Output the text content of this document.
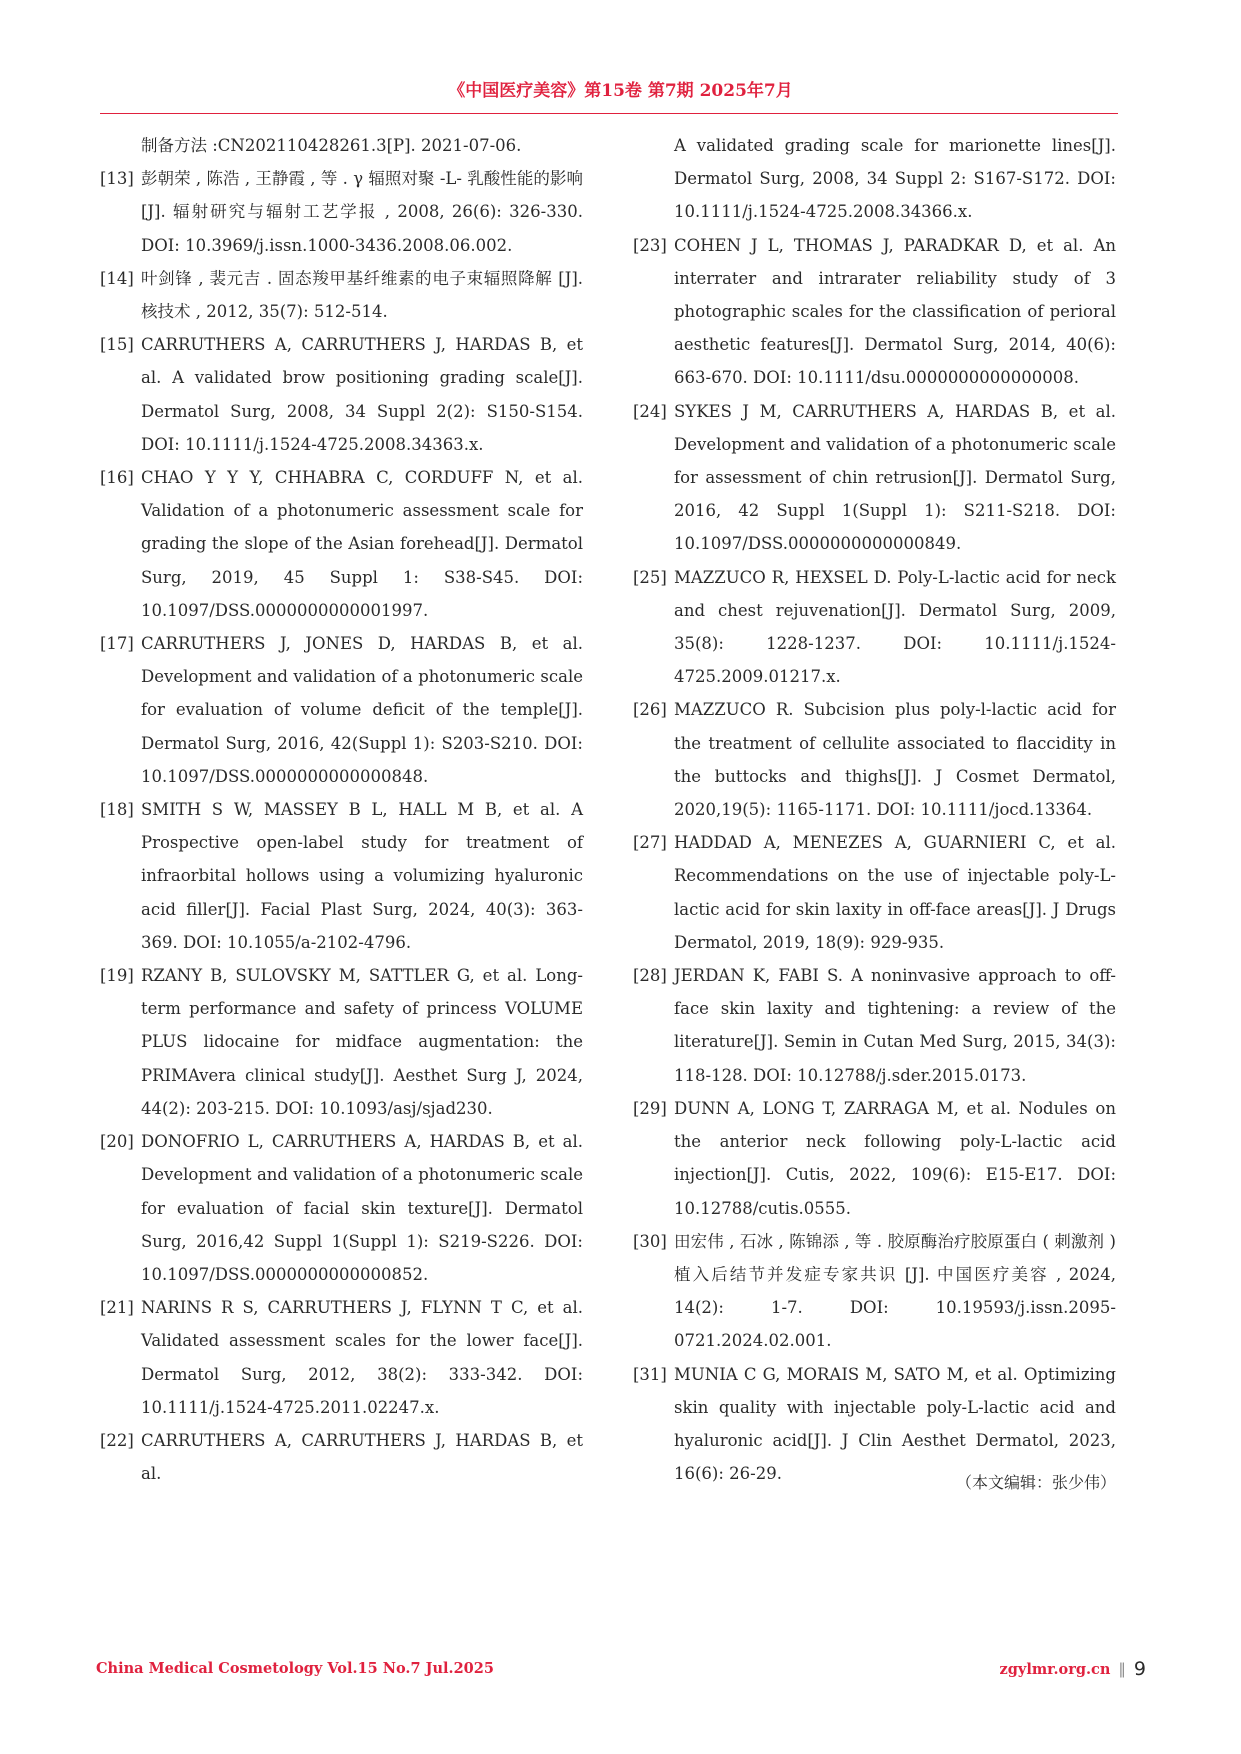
《中国医疗美容》第15卷 第7期 2025年7月
制备方法 :CN202110428261.3[P]. 2021-07-06.
[13] 彭朝荣 , 陈浩 , 王静霞 , 等 . γ 辐照对聚 -L- 乳酸性能的影响 [J]. 辐射研究与辐射工艺学报 , 2008, 26(6): 326-330. DOI: 10.3969/j.issn.1000-3436.2008.06.002.
[14] 叶剑锋 , 裴元吉 . 固态羧甲基纤维素的电子束辐照降解 [J]. 核技术 , 2012, 35(7): 512-514.
[15] CARRUTHERS A, CARRUTHERS J, HARDAS B, et al. A validated brow positioning grading scale[J]. Dermatol Surg, 2008, 34 Suppl 2(2): S150-S154. DOI: 10.1111/j.1524-4725.2008.34363.x.
[16] CHAO Y Y Y, CHHABRA C, CORDUFF N, et al. Validation of a photonumeric assessment scale for grading the slope of the Asian forehead[J]. Dermatol Surg, 2019, 45 Suppl 1: S38-S45. DOI: 10.1097/DSS.0000000000001997.
[17] CARRUTHERS J, JONES D, HARDAS B, et al. Development and validation of a photonumeric scale for evaluation of volume deficit of the temple[J]. Dermatol Surg, 2016, 42(Suppl 1): S203-S210. DOI: 10.1097/DSS.0000000000000848.
[18] SMITH S W, MASSEY B L, HALL M B, et al. A Prospective open-label study for treatment of infraorbital hollows using a volumizing hyaluronic acid filler[J]. Facial Plast Surg, 2024, 40(3): 363-369. DOI: 10.1055/a-2102-4796.
[19] RZANY B, SULOVSKY M, SATTLER G, et al. Long-term performance and safety of princess VOLUME PLUS lidocaine for midface augmentation: the PRIMAvera clinical study[J]. Aesthet Surg J, 2024, 44(2): 203-215. DOI: 10.1093/asj/sjad230.
[20] DONOFRIO L, CARRUTHERS A, HARDAS B, et al. Development and validation of a photonumeric scale for evaluation of facial skin texture[J]. Dermatol Surg, 2016,42 Suppl 1(Suppl 1): S219-S226. DOI: 10.1097/DSS.0000000000000852.
[21] NARINS R S, CARRUTHERS J, FLYNN T C, et al. Validated assessment scales for the lower face[J]. Dermatol Surg, 2012, 38(2): 333-342. DOI: 10.1111/j.1524-4725.2011.02247.x.
[22] CARRUTHERS A, CARRUTHERS J, HARDAS B, et al.
A validated grading scale for marionette lines[J]. Dermatol Surg, 2008, 34 Suppl 2: S167-S172. DOI: 10.1111/j.1524-4725.2008.34366.x.
[23] COHEN J L, THOMAS J, PARADKAR D, et al. An interrater and intrarater reliability study of 3 photographic scales for the classification of perioral aesthetic features[J]. Dermatol Surg, 2014, 40(6): 663-670. DOI: 10.1111/dsu.0000000000000008.
[24] SYKES J M, CARRUTHERS A, HARDAS B, et al. Development and validation of a photonumeric scale for assessment of chin retrusion[J]. Dermatol Surg, 2016, 42 Suppl 1(Suppl 1): S211-S218. DOI: 10.1097/DSS.0000000000000849.
[25] MAZZUCO R, HEXSEL D. Poly-L-lactic acid for neck and chest rejuvenation[J]. Dermatol Surg, 2009, 35(8): 1228-1237. DOI: 10.1111/j.1524-4725.2009.01217.x.
[26] MAZZUCO R. Subcision plus poly-l-lactic acid for the treatment of cellulite associated to flaccidity in the buttocks and thighs[J]. J Cosmet Dermatol, 2020,19(5): 1165-1171. DOI: 10.1111/jocd.13364.
[27] HADDAD A, MENEZES A, GUARNIERI C, et al. Recommendations on the use of injectable poly-L-lactic acid for skin laxity in off-face areas[J]. J Drugs Dermatol, 2019, 18(9): 929-935.
[28] JERDAN K, FABI S. A noninvasive approach to off-face skin laxity and tightening: a review of the literature[J]. Semin in Cutan Med Surg, 2015, 34(3): 118-128. DOI: 10.12788/j.sder.2015.0173.
[29] DUNN A, LONG T, ZARRAGA M, et al. Nodules on the anterior neck following poly-L-lactic acid injection[J]. Cutis, 2022, 109(6): E15-E17. DOI: 10.12788/cutis.0555.
[30] 田宏伟 , 石冰 , 陈锦添 , 等 . 胶原酶治疗胶原蛋白 ( 刺激剂 ) 植入后结节并发症专家共识 [J]. 中国医疗美容 , 2024, 14(2): 1-7. DOI: 10.19593/j.issn.2095-0721.2024.02.001.
[31] MUNIA C G, MORAIS M, SATO M, et al. Optimizing skin quality with injectable poly-L-lactic acid and hyaluronic acid[J]. J Clin Aesthet Dermatol, 2023, 16(6): 26-29.	（本文编辑：张少伟）
China Medical Cosmetology Vol.15 No.7 Jul.2025	zgylmr.org.cn ‖ 9
